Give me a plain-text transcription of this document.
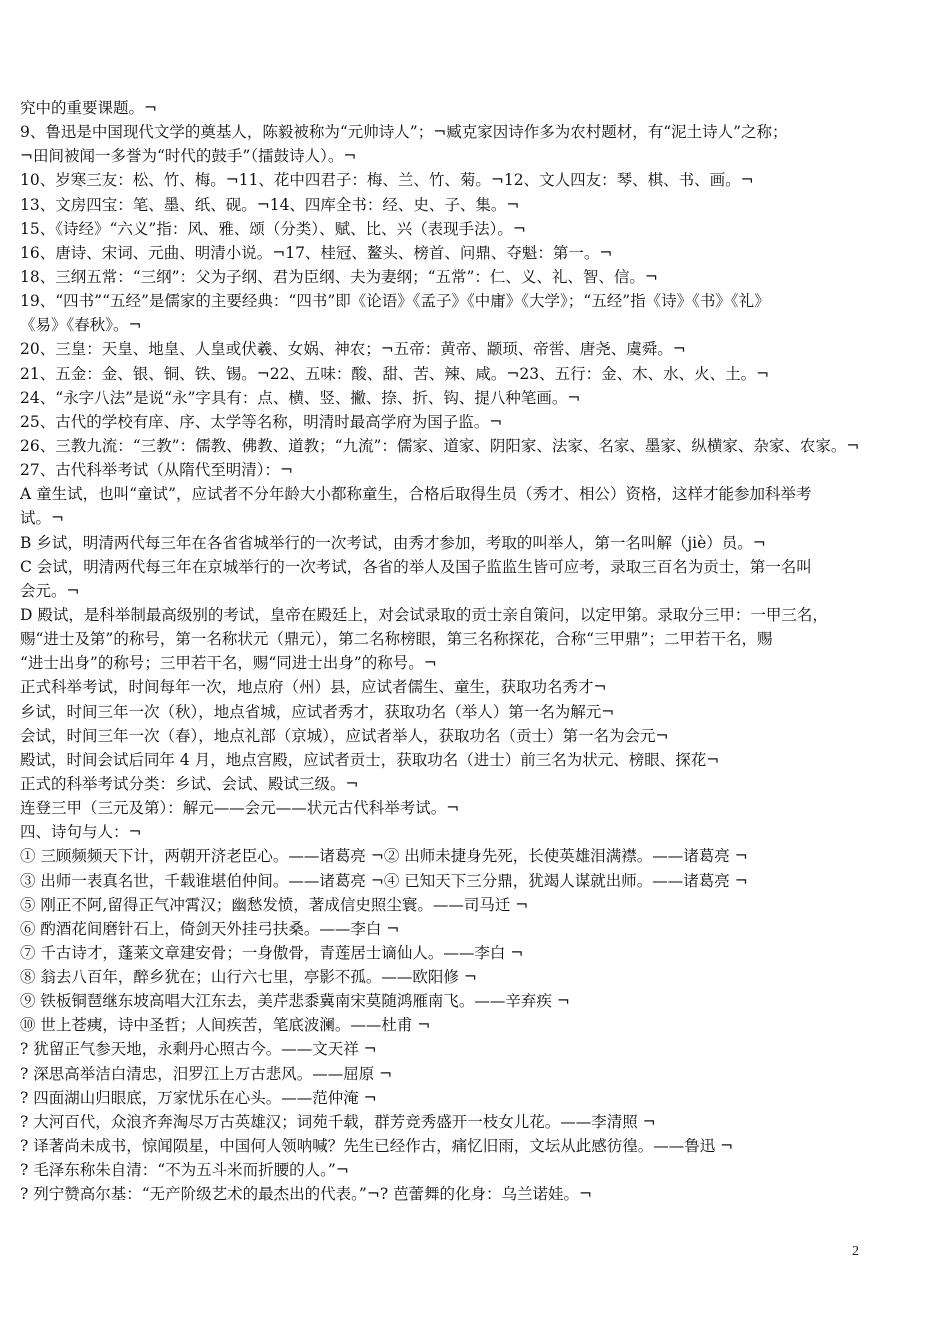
究中的重要课题。¬
9、鲁迅是中国现代文学的奠基人，陈毅被称为“元帅诗人”；¬臧克家因诗作多为农村题材，有“泥土诗人”之称；
¬田间被闻一多誉为“时代的鼓手”（擂鼓诗人）。¬
10、岁寒三友：松、竹、梅。¬11、花中四君子：梅、兰、竹、菊。¬12、文人四友：琴、棋、书、画。¬
13、文房四宝：笔、墨、纸、砚。¬14、四库全书：经、史、子、集。¬
15、《诗经》“六义”指：风、雅、颂（分类）、赋、比、兴（表现手法）。¬
16、唐诗、宋词、元曲、明清小说。¬17、桂冠、鳌头、榜首、问鼎、夺魁：第一。¬
18、三纲五常：“三纲”：父为子纲、君为臣纲、夫为妻纲；“五常”：仁、义、礼、智、信。¬
19、“四书”“五经”是儒家的主要经典：“四书”即《论语》《孟子》《中庸》《大学》；“五经”指《诗》《书》《礼》
《易》《春秋》。¬
20、三皇：天皇、地皇、人皇或伏羲、女娲、神农；¬五帝：黄帝、颛顼、帝喾、唐尧、虞舜。¬
21、五金：金、银、铜、铁、锡。¬22、五味：酸、甜、苦、辣、咸。¬23、五行：金、木、水、火、土。¬
24、“永字八法”是说“永”字具有：点、横、竖、撇、捺、折、钩、提八种笔画。¬
25、古代的学校有庠、序、太学等名称，明清时最高学府为国子监。¬
26、三教九流：“三教”：儒教、佛教、道教；“九流”：儒家、道家、阴阳家、法家、名家、墨家、纵横家、杂家、农家。¬
27、古代科举考试（从隋代至明清）：¬
A 童生试，也叫“童试”，应试者不分年龄大小都称童生，合格后取得生员（秀才、相公）资格，这样才能参加科举考
试。¬
B 乡试，明清两代每三年在各省省城举行的一次考试，由秀才参加，考取的叫举人，第一名叫解（jiè）员。¬
C 会试，明清两代每三年在京城举行的一次考试，各省的举人及国子监监生皆可应考，录取三百名为贡士，第一名叫
会元。¬
D 殿试，是科举制最高级别的考试，皇帝在殿廷上，对会试录取的贡士亲自策问，以定甲第。录取分三甲：一甲三名，
赐“进士及第”的称号，第一名称状元（鼎元），第二名称榜眼，第三名称探花，合称“三甲鼎”；二甲若干名，赐
“进士出身”的称号；三甲若干名，赐“同进士出身”的称号。¬
正式科举考试，时间每年一次，地点府（州）县，应试者儒生、童生，获取功名秀才¬
乡试，时间三年一次（秋），地点省城，应试者秀才，获取功名（举人）第一名为解元¬
会试，时间三年一次（春），地点礼部（京城），应试者举人，获取功名（贡士）第一名为会元¬
殿试，时间会试后同年 4 月，地点宫殿，应试者贡士，获取功名（进士）前三名为状元、榜眼、探花¬
正式的科举考试分类：乡试、会试、殿试三级。¬
连登三甲（三元及第）：解元——会元——状元古代科举考试。¬
四、诗句与人：¬
① 三顾频频天下计，两朝开济老臣心。——诸葛亮 ¬② 出师未捷身先死，长使英雄泪满襟。——诸葛亮 ¬
③ 出师一表真名世，千载谁堪伯仲间。——诸葛亮 ¬④ 已知天下三分鼎，犹竭人谋就出师。——诸葛亮 ¬
⑤ 刚正不阿,留得正气冲霄汉；幽愁发愤，著成信史照尘寰。——司马迁 ¬
⑥ 酌酒花间磨针石上，倚剑天外挂弓扶桑。——李白 ¬
⑦ 千古诗才，蓬莱文章建安骨；一身傲骨，青莲居士谪仙人。——李白 ¬
⑧ 翁去八百年，醉乡犹在；山行六七里，亭影不孤。——欧阳修 ¬
⑨ 铁板铜琶继东坡高唱大江东去，美芹悲黍冀南宋莫随鸿雁南飞。——辛弃疾 ¬
⑩ 世上苍痍，诗中圣哲；人间疾苦，笔底波澜。——杜甫 ¬
? 犹留正气参天地，永剩丹心照古今。——文天祥 ¬
? 深思高举洁白清忠，汨罗江上万古悲风。——屈原 ¬
? 四面湖山归眼底，万家忧乐在心头。——范仲淹 ¬
? 大河百代，众浪齐奔淘尽万古英雄汉；词苑千载，群芳竞秀盛开一枝女儿花。——李清照 ¬
? 译著尚未成书，惊闻陨星，中国何人领呐喊？先生已经作古，痛忆旧雨，文坛从此感彷徨。——鲁迅 ¬
? 毛泽东称朱自清：“不为五斗米而折腰的人。”¬
? 列宁赞高尔基：“无产阶级艺术的最杰出的代表。”¬? 芭蕾舞的化身：乌兰诺娃。¬
2
